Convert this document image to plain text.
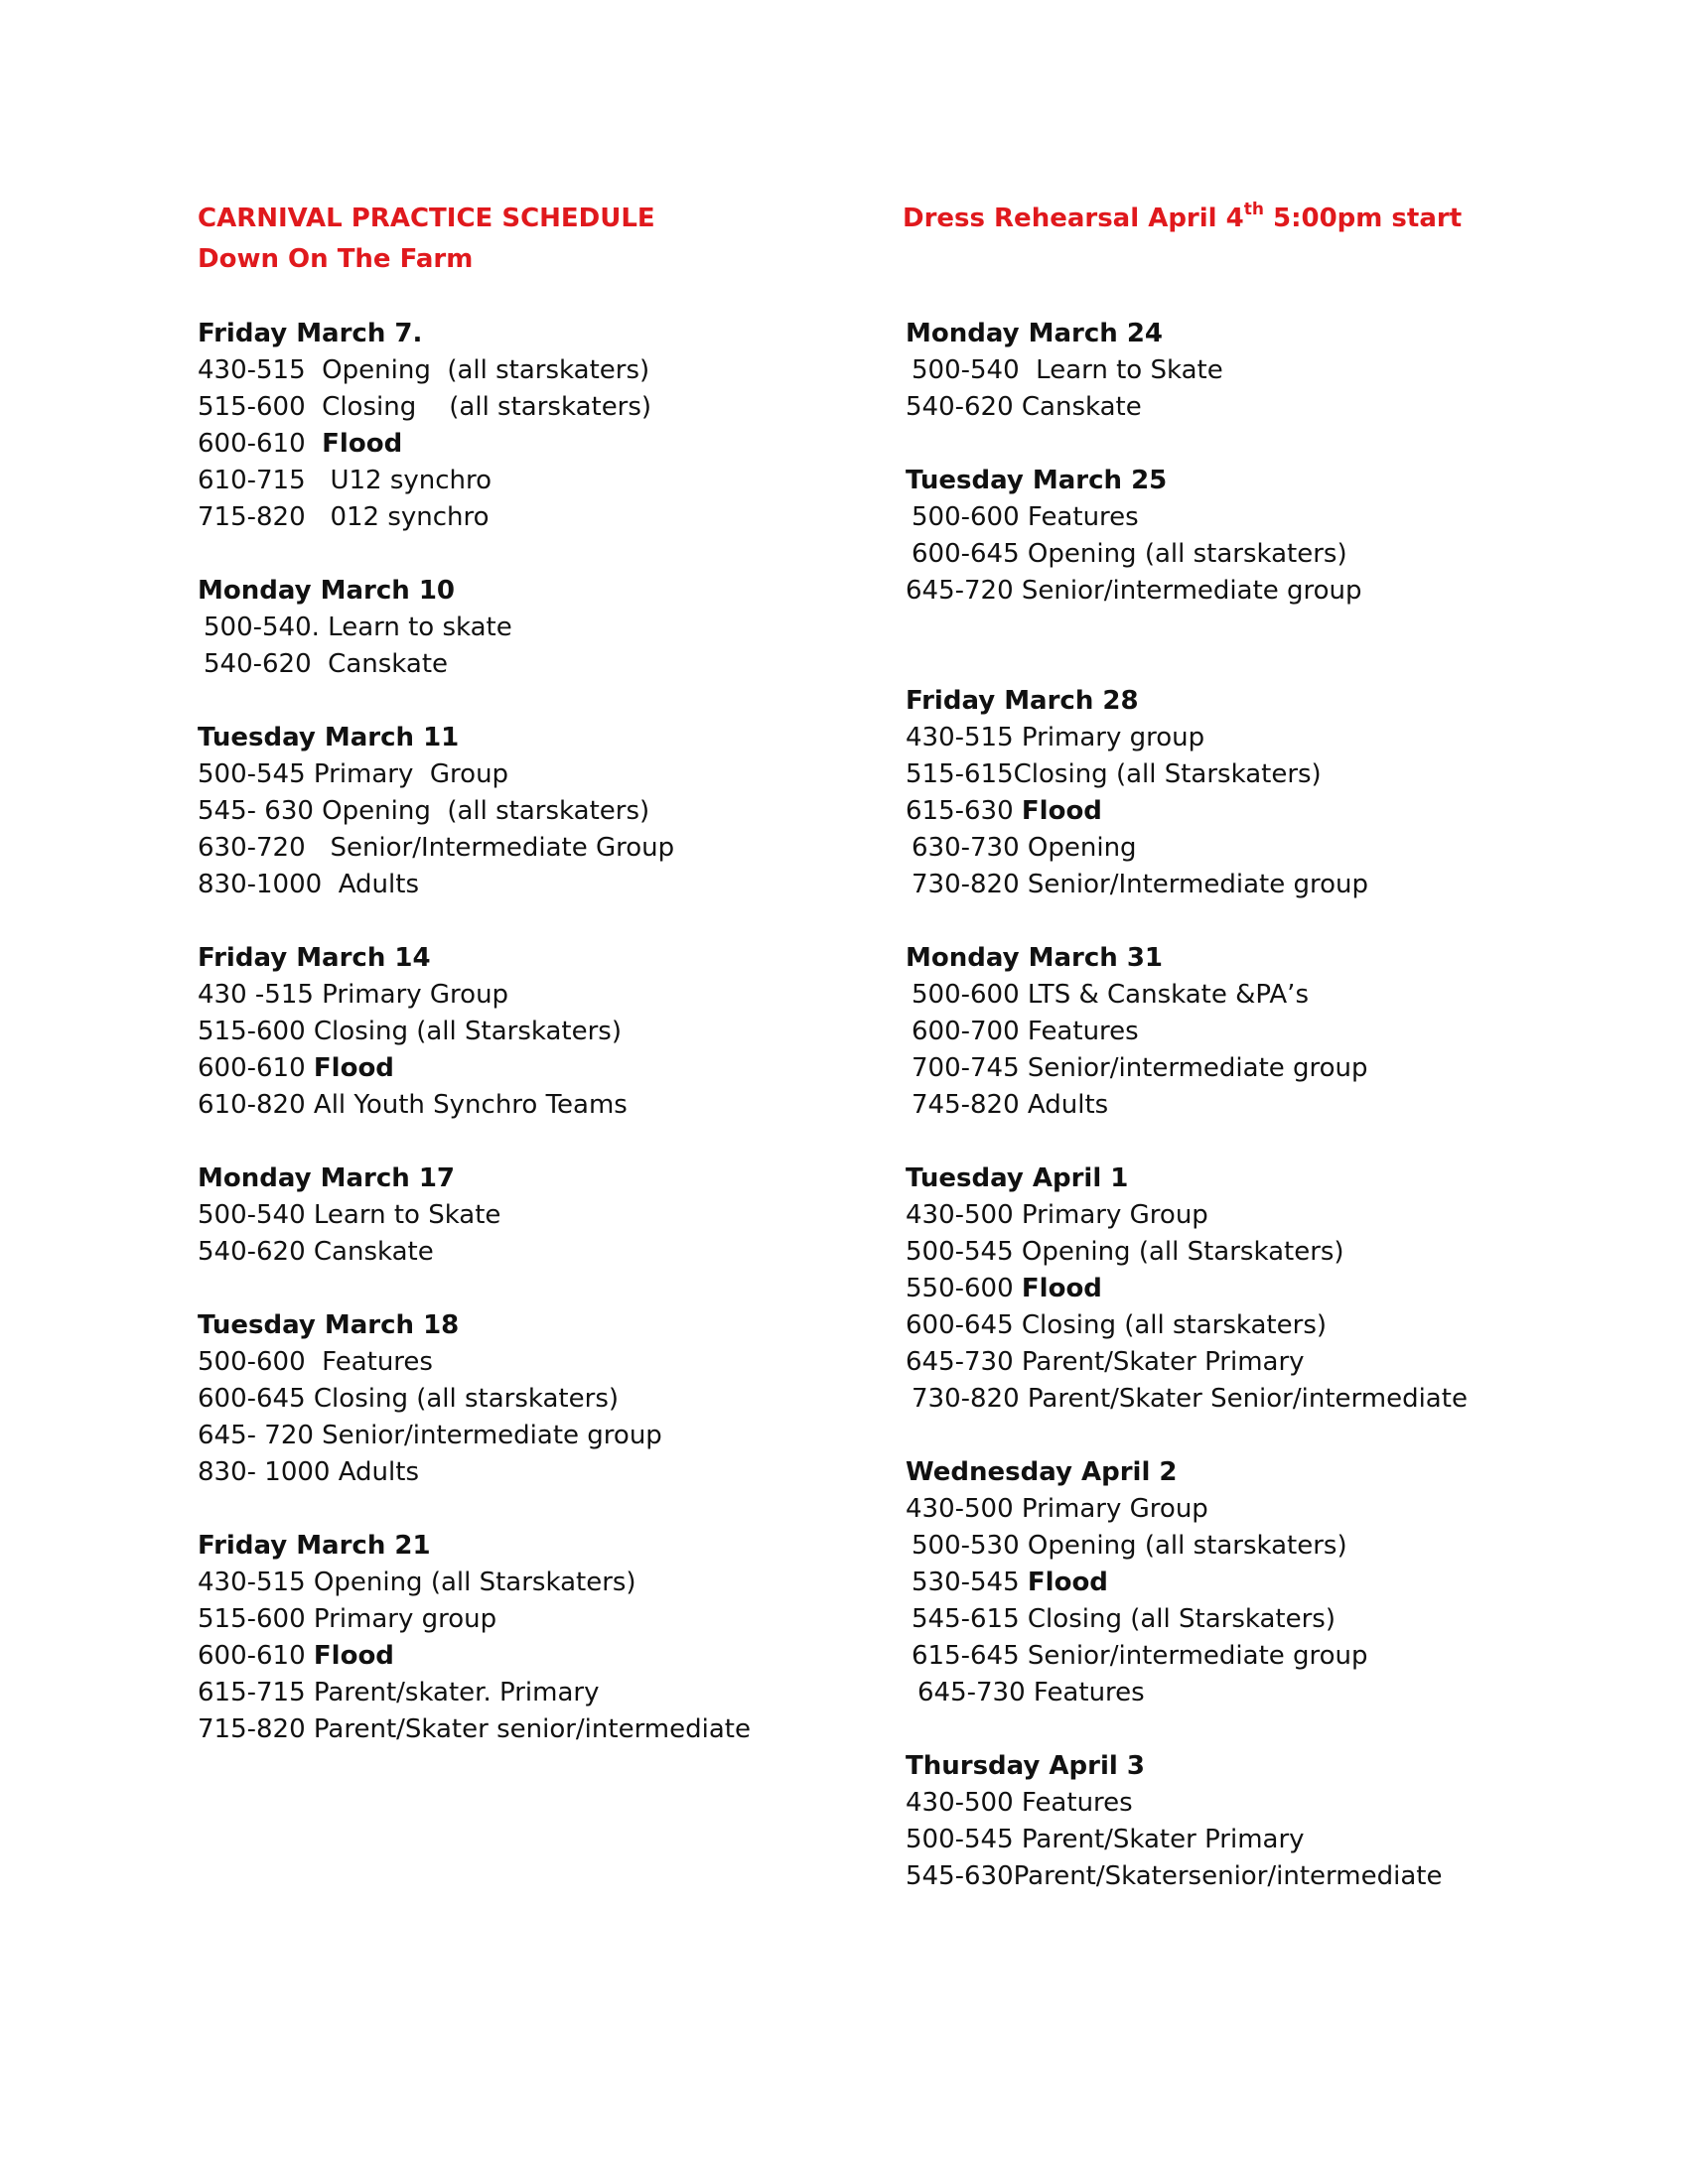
CARNIVAL PRACTICE SCHEDULE
Down On The Farm
Dress Rehearsal April 4th 5:00pm start
Friday March 7.
430-515 Opening  (all starskaters)
515-600 Closing    (all starskaters)
600-610 Flood
610-715 U12 synchro
715-820 012 synchro
Monday March 10
500-540. Learn to skate
540-620 Canskate
Tuesday March 11
500-545 Primary  Group
545- 630 Opening  (all starskaters)
630-720 Senior/Intermediate Group
830-1000 Adults
Friday March 14
430 -515 Primary Group
515-600 Closing (all Starskaters)
600-610 Flood
610-820 All Youth Synchro Teams
Monday March 17
500-540 Learn to Skate
540-620 Canskate
Tuesday March 18
500-600 Features
600-645 Closing (all starskaters)
645- 720 Senior/intermediate group
830- 1000 Adults
Friday March 21
430-515 Opening (all Starskaters)
515-600 Primary group
600-610 Flood
615-715 Parent/skater. Primary
715-820 Parent/Skater senior/intermediate
Monday March 24
500-540 Learn to Skate
540-620 Canskate
Tuesday March 25
500-600 Features
600-645 Opening (all starskaters)
645-720 Senior/intermediate group
Friday March 28
430-515 Primary group
515-615Closing (all Starskaters)
615-630 Flood
630-730 Opening
730-820 Senior/Intermediate group
Monday March 31
500-600 LTS & Canskate &PA’s
600-700 Features
700-745 Senior/intermediate group
745-820 Adults
Tuesday April 1
430-500 Primary Group
500-545 Opening (all Starskaters)
550-600 Flood
600-645 Closing (all starskaters)
645-730 Parent/Skater Primary
730-820 Parent/Skater Senior/intermediate
Wednesday April 2
430-500 Primary Group
500-530 Opening (all starskaters)
530-545 Flood
545-615 Closing (all Starskaters)
615-645 Senior/intermediate group
645-730 Features
Thursday April 3
430-500 Features
500-545 Parent/Skater Primary
545-630Parent/Skatersenior/intermediate
